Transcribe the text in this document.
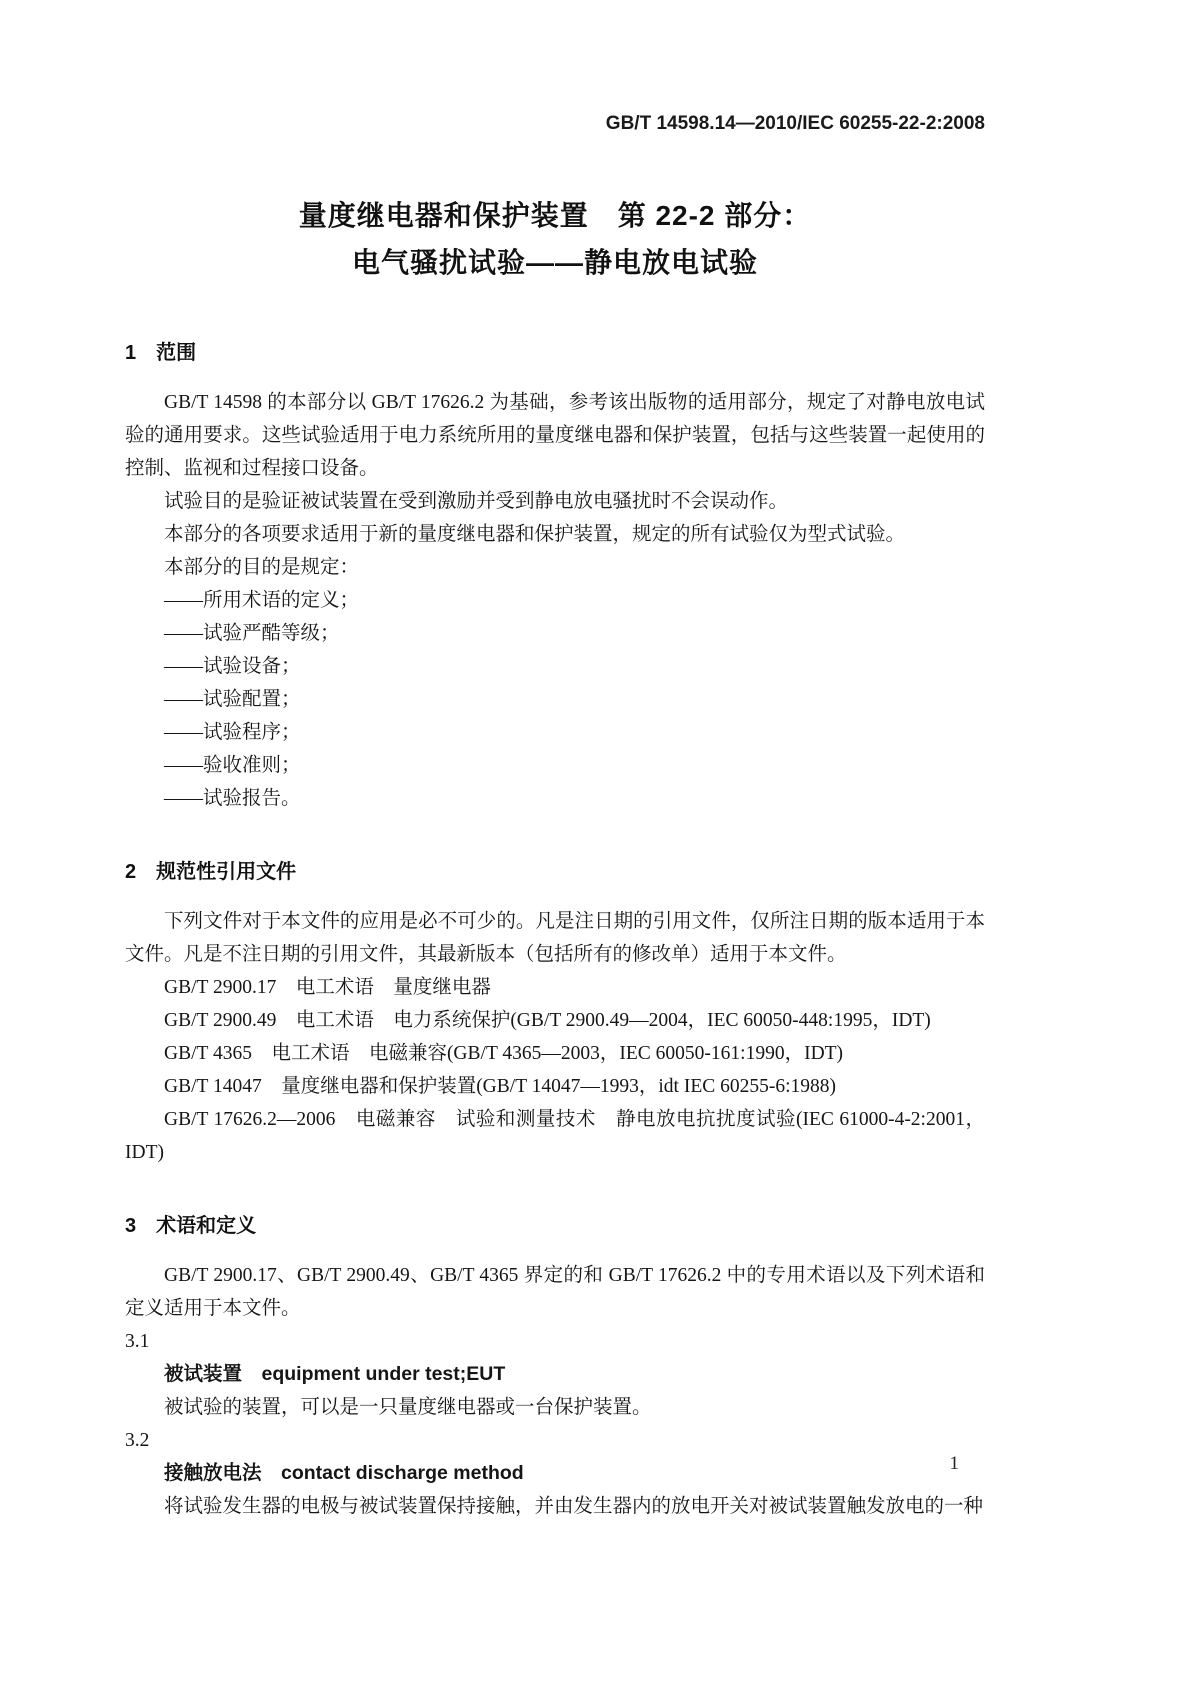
GB/T 14598.14—2010/IEC 60255-22-2:2008
量度继电器和保护装置　第 22-2 部分：
电气骚扰试验——静电放电试验
1　范围

GB/T 14598 的本部分以 GB/T 17626.2 为基础，参考该出版物的适用部分，规定了对静电放电试验的通用要求。这些试验适用于电力系统所用的量度继电器和保护装置，包括与这些装置一起使用的控制、监视和过程接口设备。

试验目的是验证被试装置在受到激励并受到静电放电骚扰时不会误动作。

本部分的各项要求适用于新的量度继电器和保护装置，规定的所有试验仅为型式试验。

本部分的目的是规定：

——所用术语的定义；

——试验严酷等级；

——试验设备；

——试验配置；

——试验程序；

——验收准则；

——试验报告。

2　规范性引用文件

下列文件对于本文件的应用是必不可少的。凡是注日期的引用文件，仅所注日期的版本适用于本文件。凡是不注日期的引用文件，其最新版本（包括所有的修改单）适用于本文件。

GB/T 2900.17　电工术语　量度继电器

GB/T 2900.49　电工术语　电力系统保护(GB/T 2900.49—2004，IEC 60050-448:1995，IDT)

GB/T 4365　电工术语　电磁兼容(GB/T 4365—2003，IEC 60050-161:1990，IDT)

GB/T 14047　量度继电器和保护装置(GB/T 14047—1993，idt IEC 60255-6:1988)

GB/T 17626.2—2006　电磁兼容　试验和测量技术　静电放电抗扰度试验(IEC 61000-4-2:2001，IDT)

3　术语和定义

GB/T 2900.17、GB/T 2900.49、GB/T 4365 界定的和 GB/T 17626.2 中的专用术语以及下列术语和定义适用于本文件。

3.1

被试装置　equipment under test;EUT

被试验的装置，可以是一只量度继电器或一台保护装置。

3.2

接触放电法　contact discharge method

将试验发生器的电极与被试装置保持接触，并由发生器内的放电开关对被试装置触发放电的一种

1
